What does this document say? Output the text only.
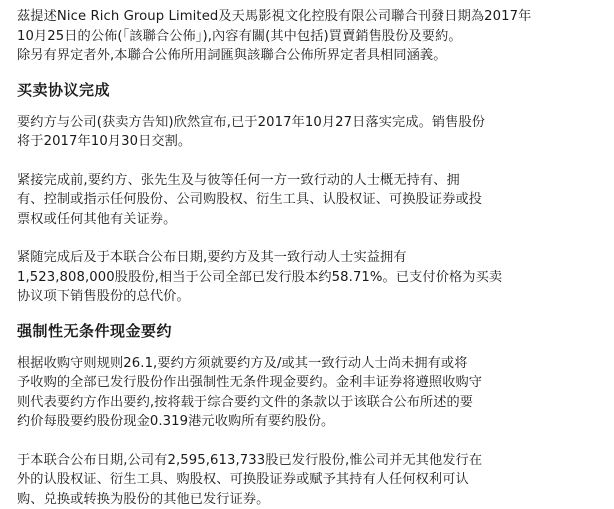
茲提述Nice Rich Group Limited及天馬影視文化控股有限公司聯合刊發日期為2017年
10月25日的公佈(「該聯合公佈」),內容有關(其中包括)買賣銷售股份及要約。
除另有界定者外,本聯合公佈所用詞匯與該聯合公佈所界定者具相同涵義。

买卖协议完成

要约方与公司(获卖方告知)欣然宣布,已于2017年10月27日落实完成。销售股份
将于2017年10月30日交割。

紧接完成前,要约方、张先生及与彼等任何一方一致行动的人士概无持有、拥
有、控制或指示任何股份、公司购股权、衍生工具、认股权证、可换股证券或投
票权或任何其他有关证券。

紧随完成后及于本联合公布日期,要约方及其一致行动人士实益拥有
1,523,808,000股股份,相当于公司全部已发行股本约58.71%。已支付价格为买卖
协议项下销售股份的总代价。

强制性无条件现金要约

根据收购守则规则26.1,要约方须就要约方及/或其一致行动人士尚未拥有或将
予收购的全部已发行股份作出强制性无条件现金要约。金利丰证券将遵照收购守
则代表要约方作出要约,按将载于综合要约文件的条款以于该联合公布所述的要
约价每股要约股份现金0.319港元收购所有要约股份。

于本联合公布日期,公司有2,595,613,733股已发行股份,惟公司并无其他发行在
外的认股权证、衍生工具、购股权、可换股证券或赋予其持有人任何权利可认
购、兑换或转换为股份的其他已发行证券。
